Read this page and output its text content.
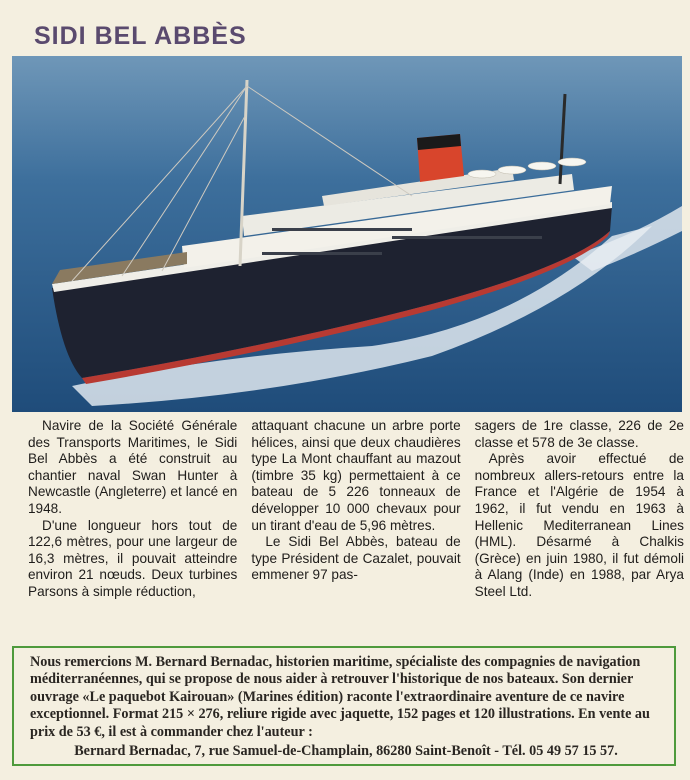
SIDI BEL ABBÈS

Navire de la Société Générale des Transports Maritimes, le Sidi Bel Abbès a été construit au chantier naval Swan Hunter à Newcastle (Angleterre) et lancé en 1948.

D'une longueur hors tout de 122,6 mètres, pour une largeur de 16,3 mètres, il pouvait atteindre environ 21 nœuds. Deux turbines Parsons à simple réduction,

attaquant chacune un arbre porte hélices, ainsi que deux chaudières type La Mont chauffant au mazout (timbre 35 kg) permettaient à ce bateau de 5 226 tonneaux de développer 10 000 chevaux pour un tirant d'eau de 5,96 mètres.

Le Sidi Bel Abbès, bateau de type Président de Cazalet, pouvait emmener 97 pas-

sagers de 1re classe, 226 de 2e classe et 578 de 3e classe.

Après avoir effectué de nombreux allers-retours entre la France et l'Algérie de 1954 à 1962, il fut vendu en 1963 à Hellenic Mediterranean Lines (HML). Désarmé à Chalkis (Grèce) en juin 1980, il fut démoli à Alang (Inde) en 1988, par Arya Steel Ltd.

Nous remercions M. Bernard Bernadac, historien maritime, spécialiste des compagnies de navigation méditerranéennes, qui se propose de nous aider à retrouver l'historique de nos bateaux. Son dernier ouvrage «Le paquebot Kairouan» (Marines édition) raconte l'extraordinaire aventure de ce navire exceptionnel. Format 215 × 276, reliure rigide avec jaquette, 152 pages et 120 illustrations. En vente au prix de 53 €, il est à commander chez l'auteur :
Bernard Bernadac, 7, rue Samuel-de-Champlain, 86280 Saint-Benoît - Tél. 05 49 57 15 57.
